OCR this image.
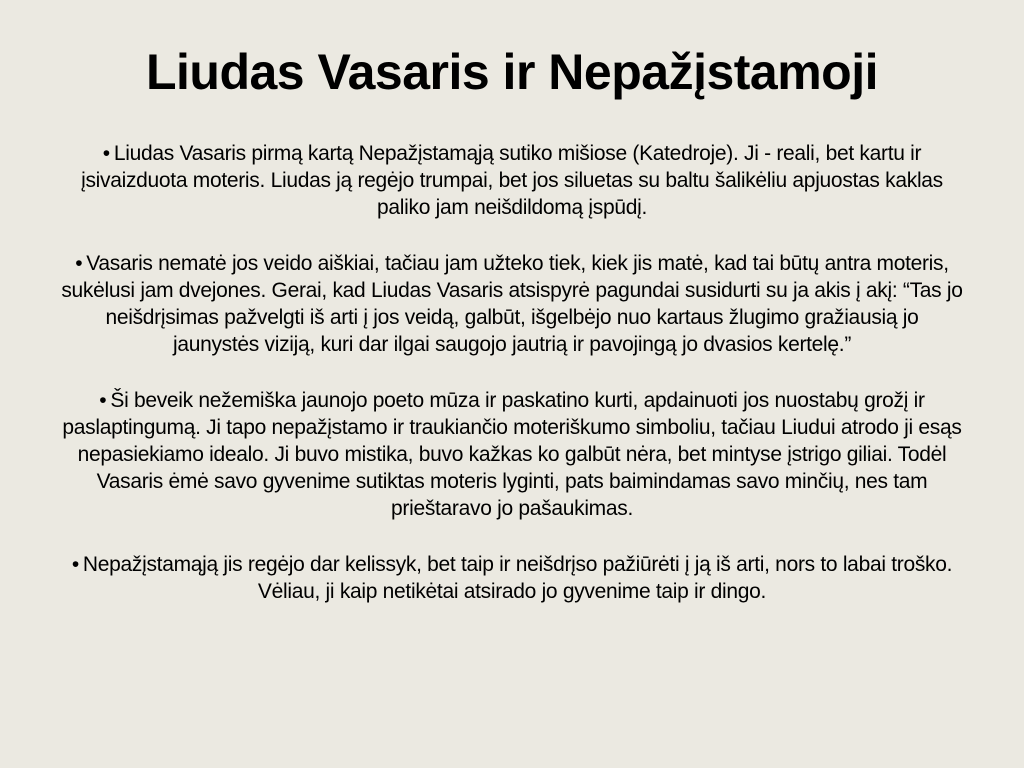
Liudas Vasaris ir Nepažįstamoji

• Liudas Vasaris pirmą kartą Nepažįstamąją sutiko mišiose (Katedroje). Ji - reali, bet kartu ir įsivaizduota moteris. Liudas ją regėjo trumpai, bet jos siluetas su baltu šalikėliu apjuostas kaklas paliko jam neišdildomą įspūdį.

• Vasaris nematė jos veido aiškiai, tačiau jam užteko tiek, kiek jis matė, kad tai būtų antra moteris, sukėlusi jam dvejones. Gerai, kad Liudas Vasaris atsispyrė pagundai susidurti su ja akis į akį: “Tas jo neišdrįsimas pažvelgti iš arti į jos veidą, galbūt, išgelbėjo nuo kartaus žlugimo gražiausią jo jaunystės viziją, kuri dar ilgai saugojo jautrią ir pavojingą jo dvasios kertelę.”

• Ši beveik nežemiška jaunojo poeto mūza ir paskatino kurti, apdainuoti jos nuostabų grožį ir paslaptingumą. Ji tapo nepažįstamo ir traukiančio moteriškumo simboliu, tačiau Liudui atrodo ji esąs nepasiekiamo idealo. Ji buvo mistika, buvo kažkas ko galbūt nėra, bet mintyse įstrigo giliai. Todėl Vasaris ėmė savo gyvenime sutiktas moteris lyginti, pats baimindamas savo minčių, nes tam prieštaravo jo pašaukimas.

• Nepažįstamąją jis regėjo dar kelissyk, bet taip ir neišdrįso pažiūrėti į ją iš arti, nors to labai troško. Vėliau, ji kaip netikėtai atsirado jo gyvenime taip ir dingo.
